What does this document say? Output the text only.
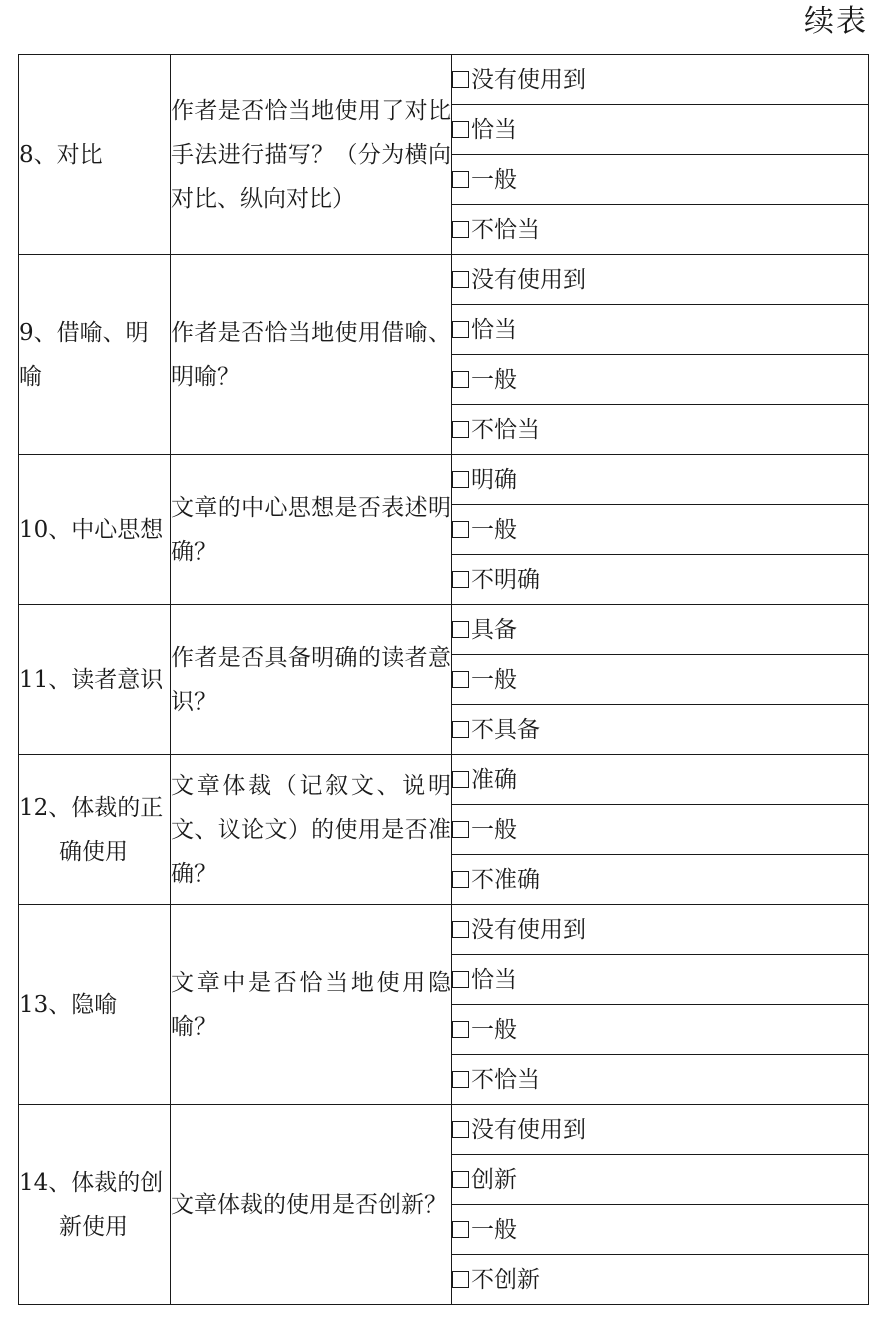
续表
8、对比	作者是否恰当地使用了对比手法进行描写？（分为横向对比、纵向对比）	没有使用到
		恰当
		一般
		不恰当

9、借喻、明喻	作者是否恰当地使用借喻、明喻？	没有使用到
		恰当
		一般
		不恰当

10、中心思想	文章的中心思想是否表述明确？	明确
		一般
		不明确

11、读者意识	作者是否具备明确的读者意识？	具备
		一般
		不具备

12、体裁的正确使用	文章体裁（记叙文、说明文、议论文）的使用是否准确？	准确
		一般
		不准确

13、隐喻	文章中是否恰当地使用隐喻？	没有使用到
		恰当
		一般
		不恰当

14、体裁的创新使用	文章体裁的使用是否创新？	没有使用到
		创新
		一般
		不创新
